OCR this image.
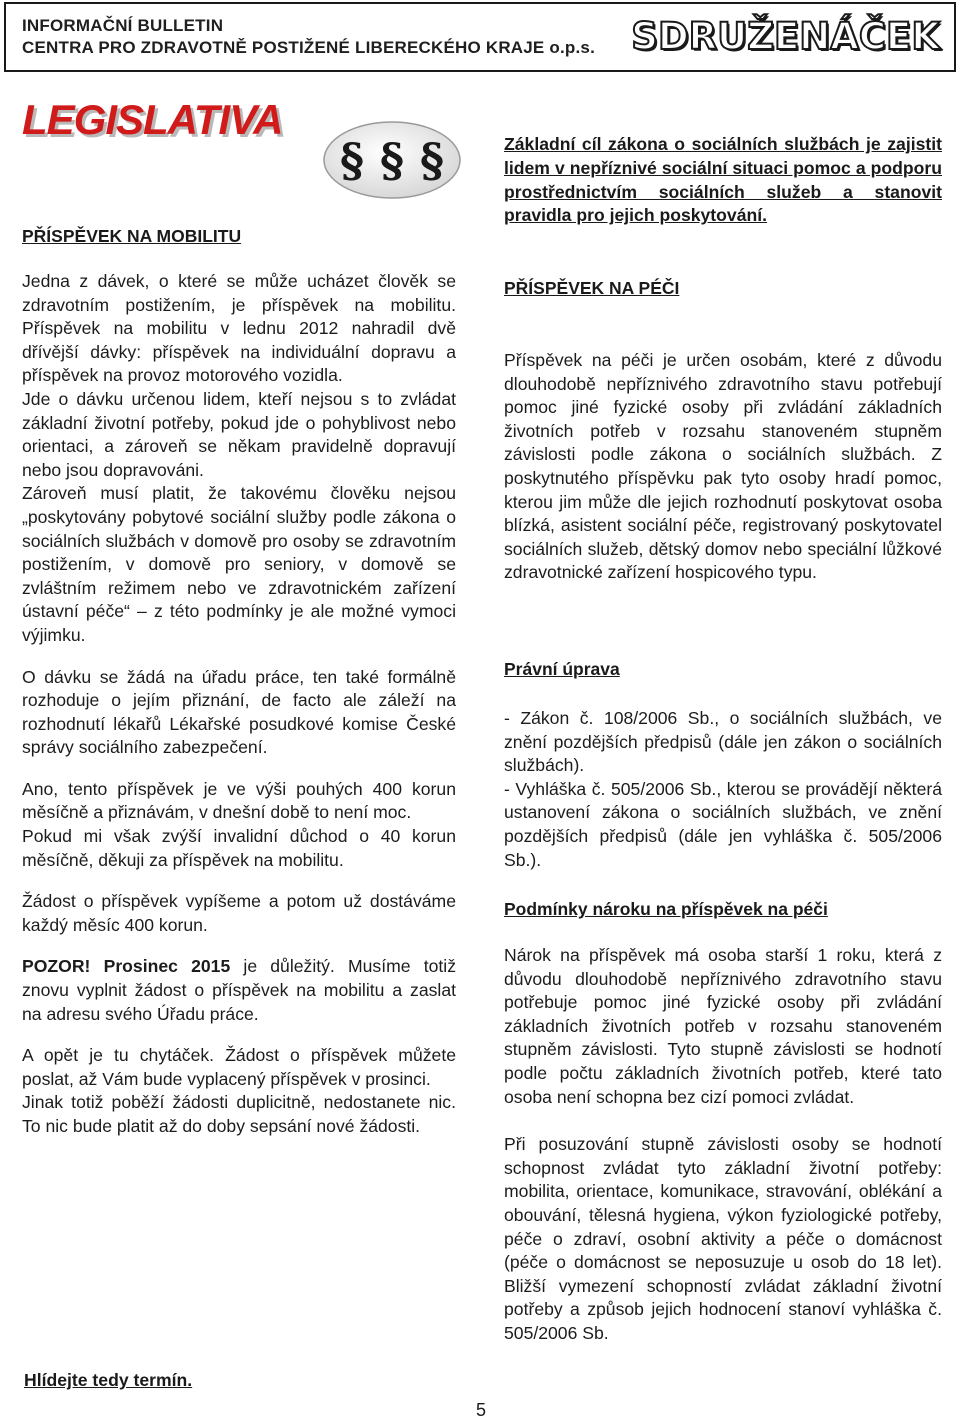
INFORMAČNÍ BULLETIN
CENTRA PRO ZDRAVOTNĚ POSTIŽENÉ LIBERECKÉHO KRAJE o.p.s. SDRUŽENÁČEK
LEGISLATIVA
§ § §
PŘÍSPĚVEK NA MOBILITU

Jedna z dávek, o které se může ucházet člověk se zdravotním postižením, je příspěvek na mobilitu. Příspěvek na mobilitu v lednu 2012 nahradil dvě dřívější dávky: příspěvek na individuální dopravu a příspěvek na provoz motorového vozidla.

Jde o dávku určenou lidem, kteří nejsou s to zvládat základní životní potřeby, pokud jde o pohyblivost nebo orientaci, a zároveň se někam pravidelně dopravují nebo jsou dopravováni.

Zároveň musí platit, že takovému člověku nejsou „poskytovány pobytové sociální služby podle zákona o sociálních službách v domově pro osoby se zdravotním postižením, v domově pro seniory, v domově se zvláštním režimem nebo ve zdravotnickém zařízení ústavní péče“ – z této podmínky je ale možné vymoci výjimku.

O dávku se žádá na úřadu práce, ten také formálně rozhoduje o jejím přiznání, de facto ale záleží na rozhodnutí lékařů Lékařské posudkové komise České správy sociálního zabezpečení.

Ano, tento příspěvek je ve výši pouhých 400 korun měsíčně a přiznávám, v dnešní době to není moc.

Pokud mi však zvýší invalidní důchod o 40 korun měsíčně, děkuji za příspěvek na mobilitu.

Žádost o příspěvek vypíšeme a potom už dostáváme každý měsíc 400 korun.

POZOR! Prosinec 2015 je důležitý. Musíme totiž znovu vyplnit žádost o příspěvek na mobilitu a zaslat na adresu svého Úřadu práce.

A opět je tu chytáček. Žádost o příspěvek můžete poslat, až Vám bude vyplacený příspěvek v prosinci.

Jinak totiž poběží žádosti duplicitně, nedostanete nic. To nic bude platit až do doby sepsání nové žádosti.

Hlídejte tedy termín.
Základní cíl zákona o sociálních službách je zajistit lidem v nepříznivé sociální situaci pomoc a podporu prostřednictvím sociálních služeb a stanovit pravidla pro jejich poskytování.
PŘÍSPĚVEK NA PÉČI

Příspěvek na péči je určen osobám, které z důvodu dlouhodobě nepříznivého zdravotního stavu potřebují pomoc jiné fyzické osoby při zvládání základních životních potřeb v rozsahu stanoveném stupněm závislosti podle zákona o sociálních službách. Z poskytnutého příspěvku pak tyto osoby hradí pomoc, kterou jim může dle jejich rozhodnutí poskytovat osoba blízká, asistent sociální péče, registrovaný poskytovatel sociálních služeb, dětský domov nebo speciální lůžkové zdravotnické zařízení hospicového typu.

Právní úprava

- Zákon č. 108/2006 Sb., o sociálních službách, ve znění pozdějších předpisů (dále jen zákon o sociálních službách).

- Vyhláška č. 505/2006 Sb., kterou se provádějí některá ustanovení zákona o sociálních službách, ve znění pozdějších předpisů (dále jen vyhláška č. 505/2006 Sb.).

Podmínky nároku na příspěvek na péči

Nárok na příspěvek má osoba starší 1 roku, která z důvodu dlouhodobě nepříznivého zdravotního stavu potřebuje pomoc jiné fyzické osoby při zvládání základních životních potřeb v rozsahu stanoveném stupněm závislosti. Tyto stupně závislosti se hodnotí podle počtu základních životních potřeb, které tato osoba není schopna bez cizí pomoci zvládat.

Při posuzování stupně závislosti osoby se hodnotí schopnost zvládat tyto základní životní potřeby: mobilita, orientace, komunikace, stravování, oblékání a obouvání, tělesná hygiena, výkon fyziologické potřeby, péče o zdraví, osobní aktivity a péče o domácnost (péče o domácnost se neposuzuje u osob do 18 let). Bližší vymezení schopností zvládat základní životní potřeby a způsob jejich hodnocení stanoví vyhláška č. 505/2006 Sb.

5
